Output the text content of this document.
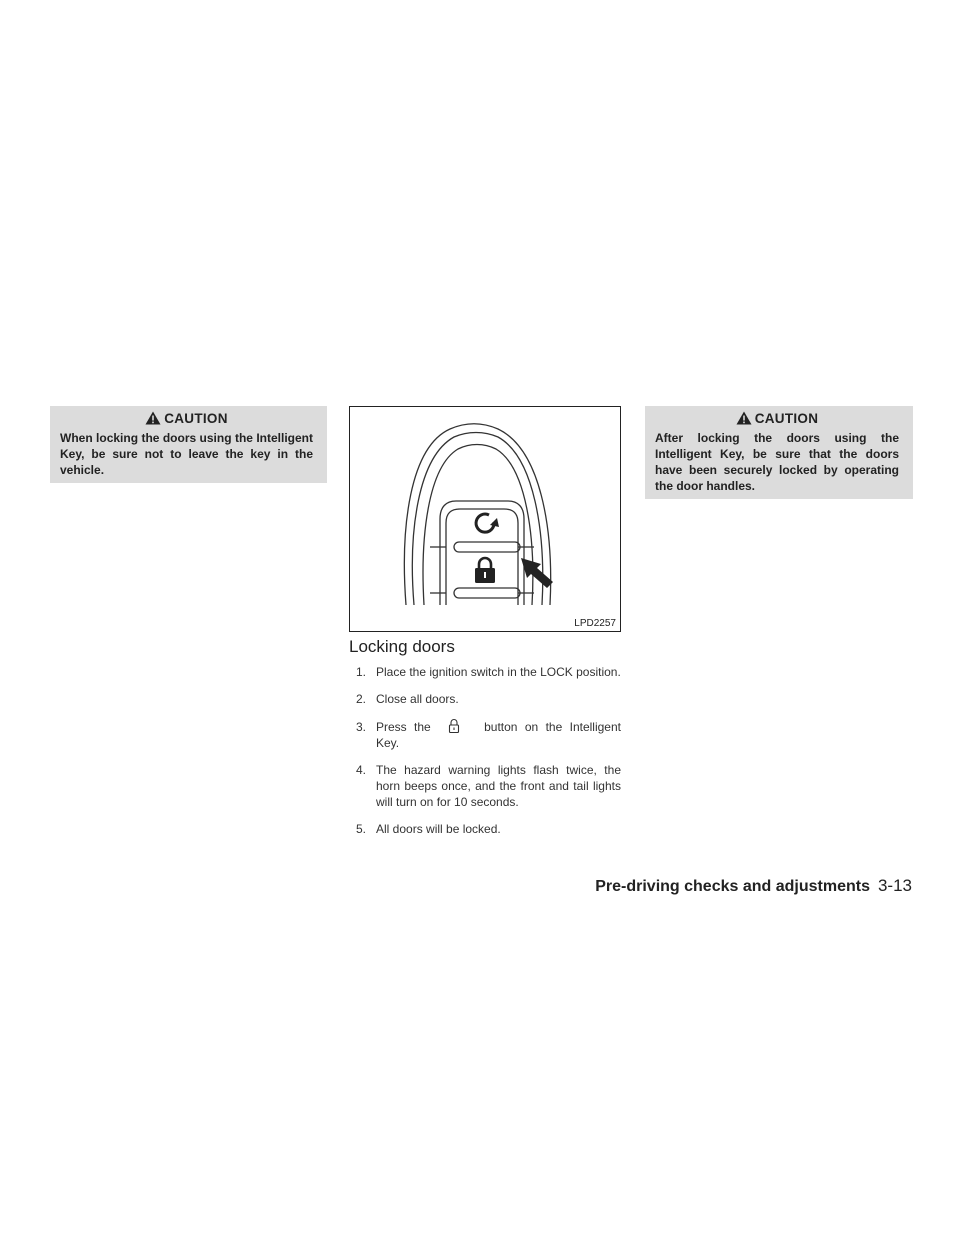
CAUTION
When locking the doors using the Intelligent Key, be sure not to leave the key in the vehicle.
LPD2257
Locking doors
1. Place the ignition switch in the LOCK position.
2. Close all doors.
3. Press the	button on the Intelligent Key.
4. The hazard warning lights flash twice, the horn beeps once, and the front and tail lights will turn on for 10 seconds.
5. All doors will be locked.
CAUTION
After locking the doors using the Intelligent Key, be sure that the doors have been securely locked by operating the door handles.
Pre-driving checks and adjustments 3-13
